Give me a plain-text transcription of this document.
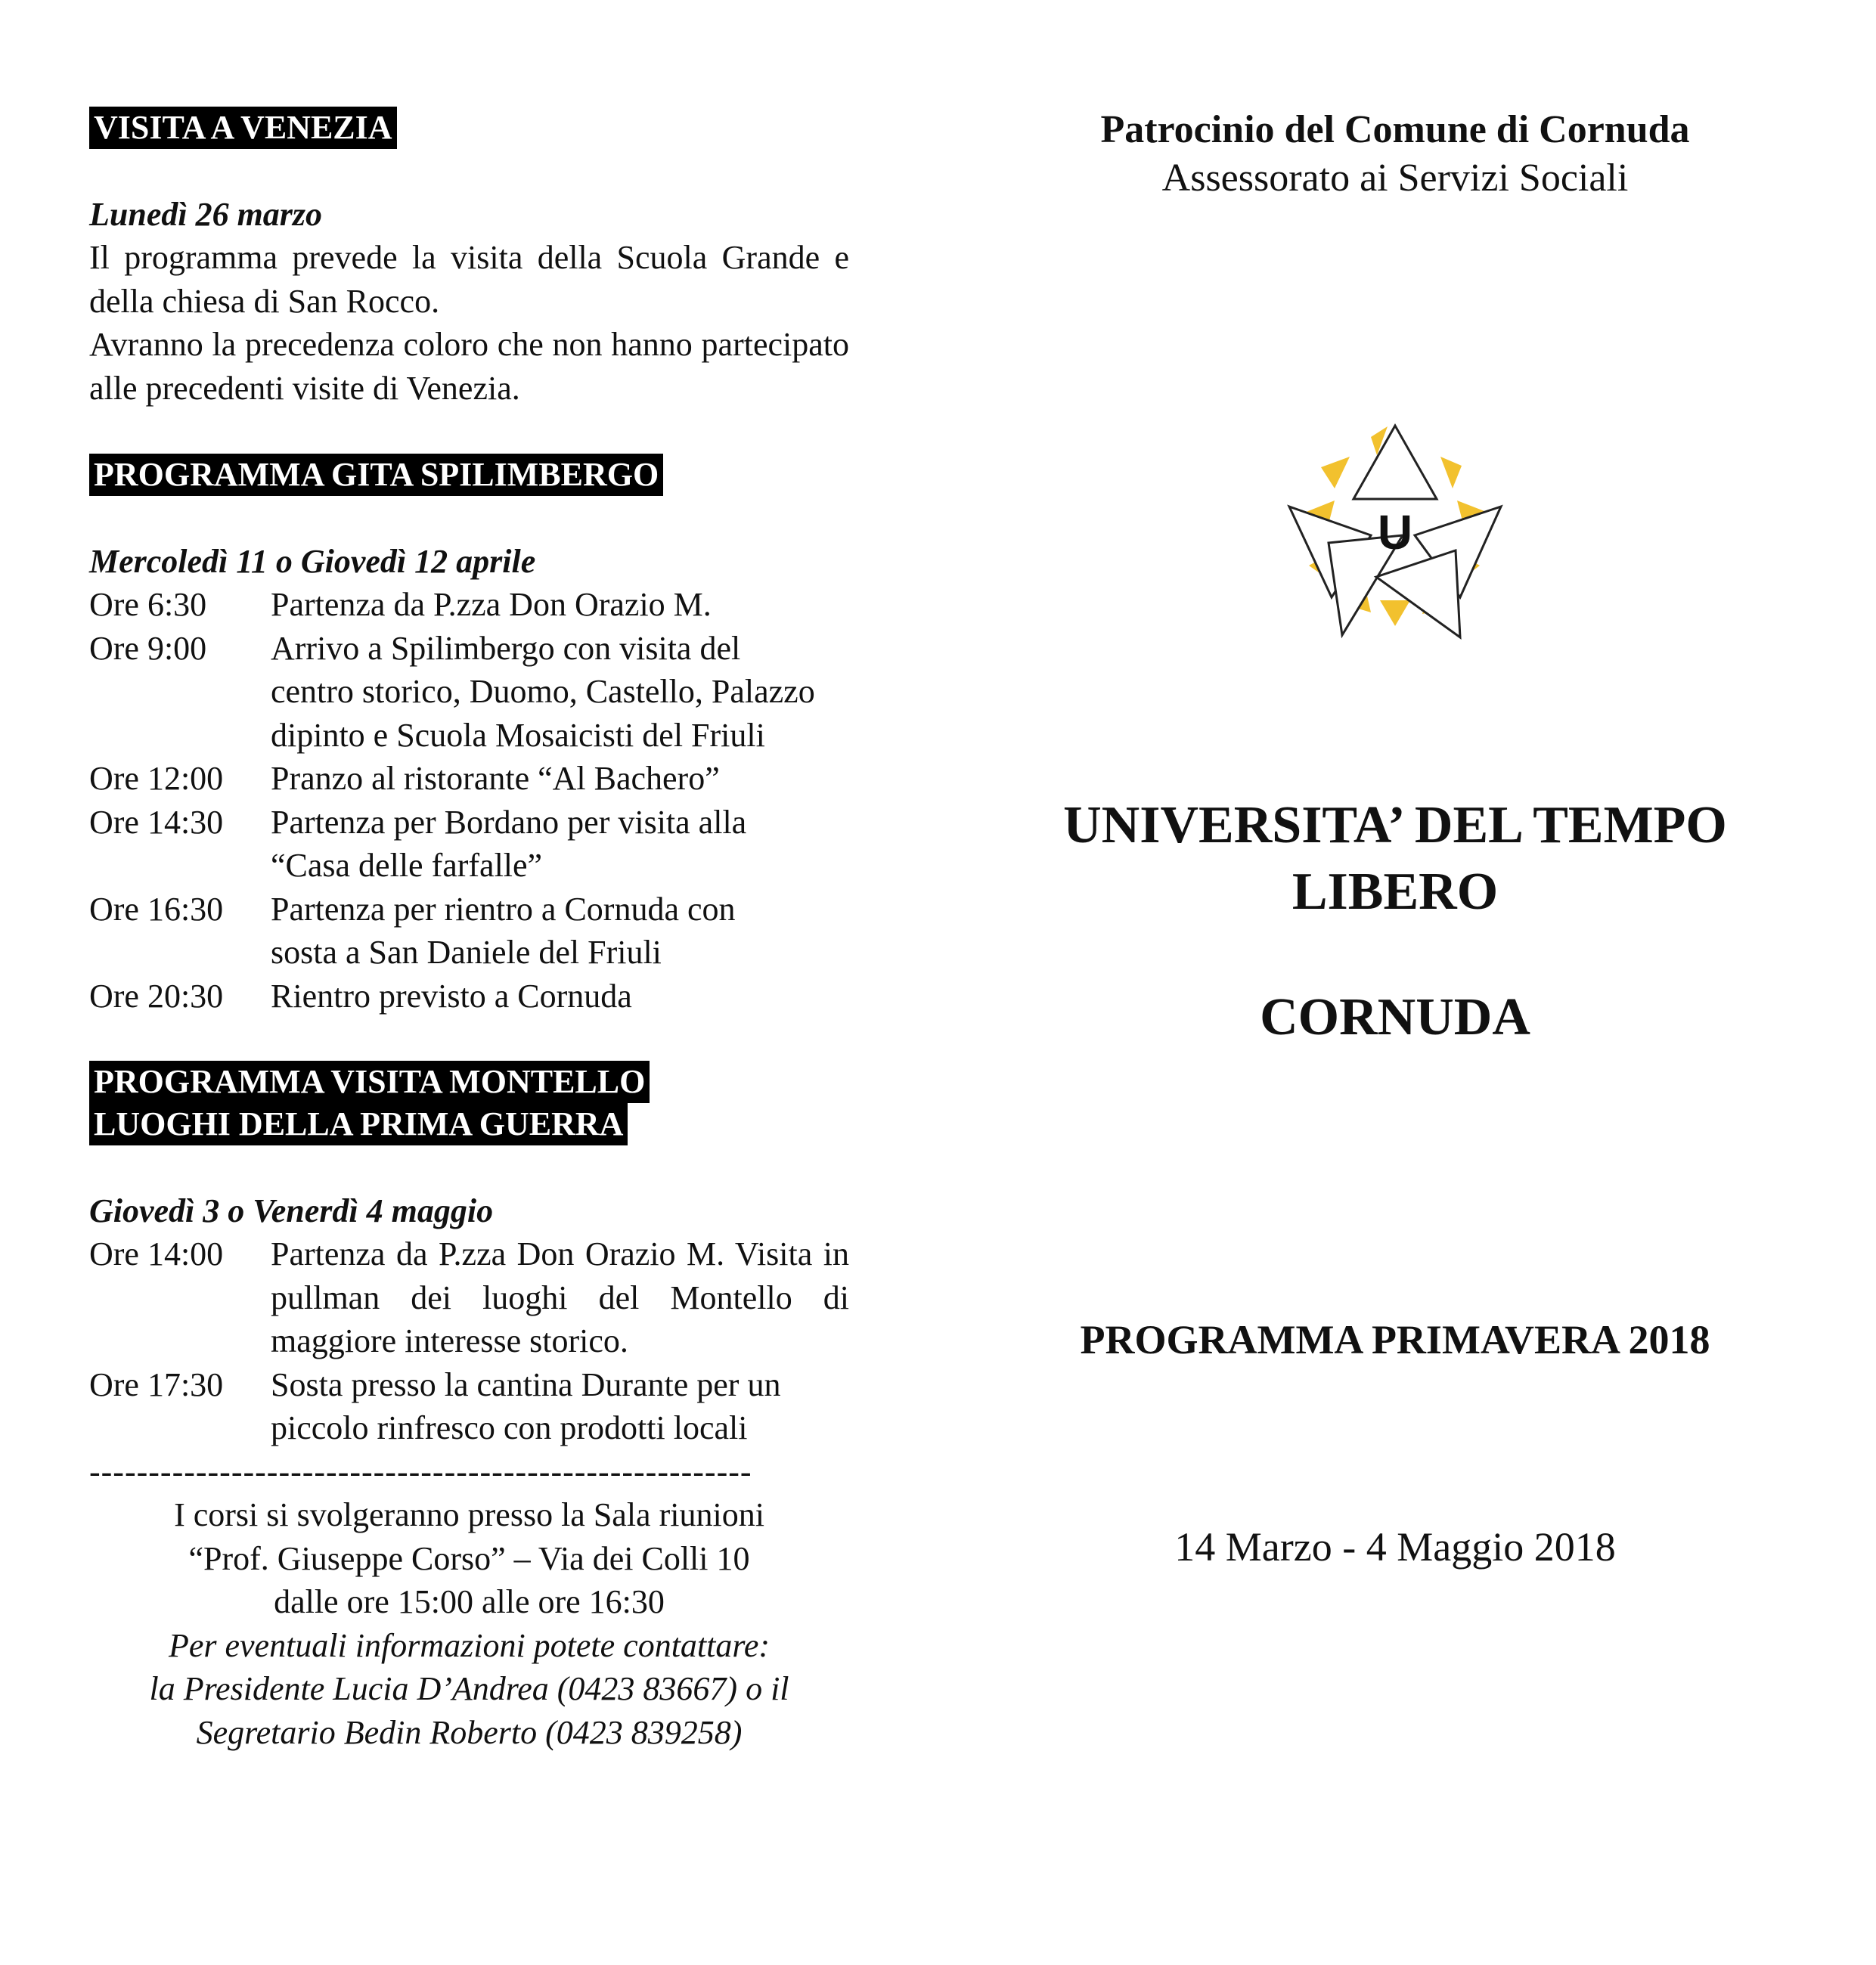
VISITA A VENEZIA
Lunedì 26 marzo
Il programma prevede la visita della Scuola Grande e della chiesa di San Rocco.
Avranno la precedenza coloro che non hanno partecipato alle precedenti visite di Venezia.
PROGRAMMA GITA SPILIMBERGO
Mercoledì 11 o Giovedì 12 aprile
Ore 6:30	Partenza da P.zza Don Orazio M.
Ore 9:00	Arrivo a Spilimbergo con visita del centro storico, Duomo, Castello, Palazzo dipinto e Scuola Mosaicisti del Friuli
Ore 12:00	Pranzo al ristorante “Al Bachero”
Ore 14:30	Partenza per Bordano per visita alla “Casa delle farfalle”
Ore 16:30	Partenza per rientro a Cornuda con sosta a San Daniele del Friuli
Ore 20:30	Rientro previsto a Cornuda
PROGRAMMA VISITA MONTELLO
LUOGHI DELLA PRIMA GUERRA
Giovedì 3 o Venerdì 4 maggio
Ore 14:00	Partenza da P.zza Don Orazio M. Visita in pullman dei luoghi del Montello di maggiore interesse storico.
Ore 17:30	Sosta presso la cantina Durante per un piccolo rinfresco con prodotti locali
--------------------------------------------------------
I corsi si svolgeranno presso la Sala riunioni
“Prof. Giuseppe Corso” – Via dei Colli 10
dalle ore 15:00 alle ore 16:30
Per eventuali informazioni potete contattare:
la Presidente Lucia D’Andrea (0423 83667) o il
Segretario Bedin Roberto (0423 839258)
Patrocinio del Comune di Cornuda
Assessorato ai Servizi Sociali
U
UNIVERSITA’ DEL TEMPO
LIBERO
CORNUDA
PROGRAMMA PRIMAVERA 2018
14 Marzo - 4 Maggio 2018
